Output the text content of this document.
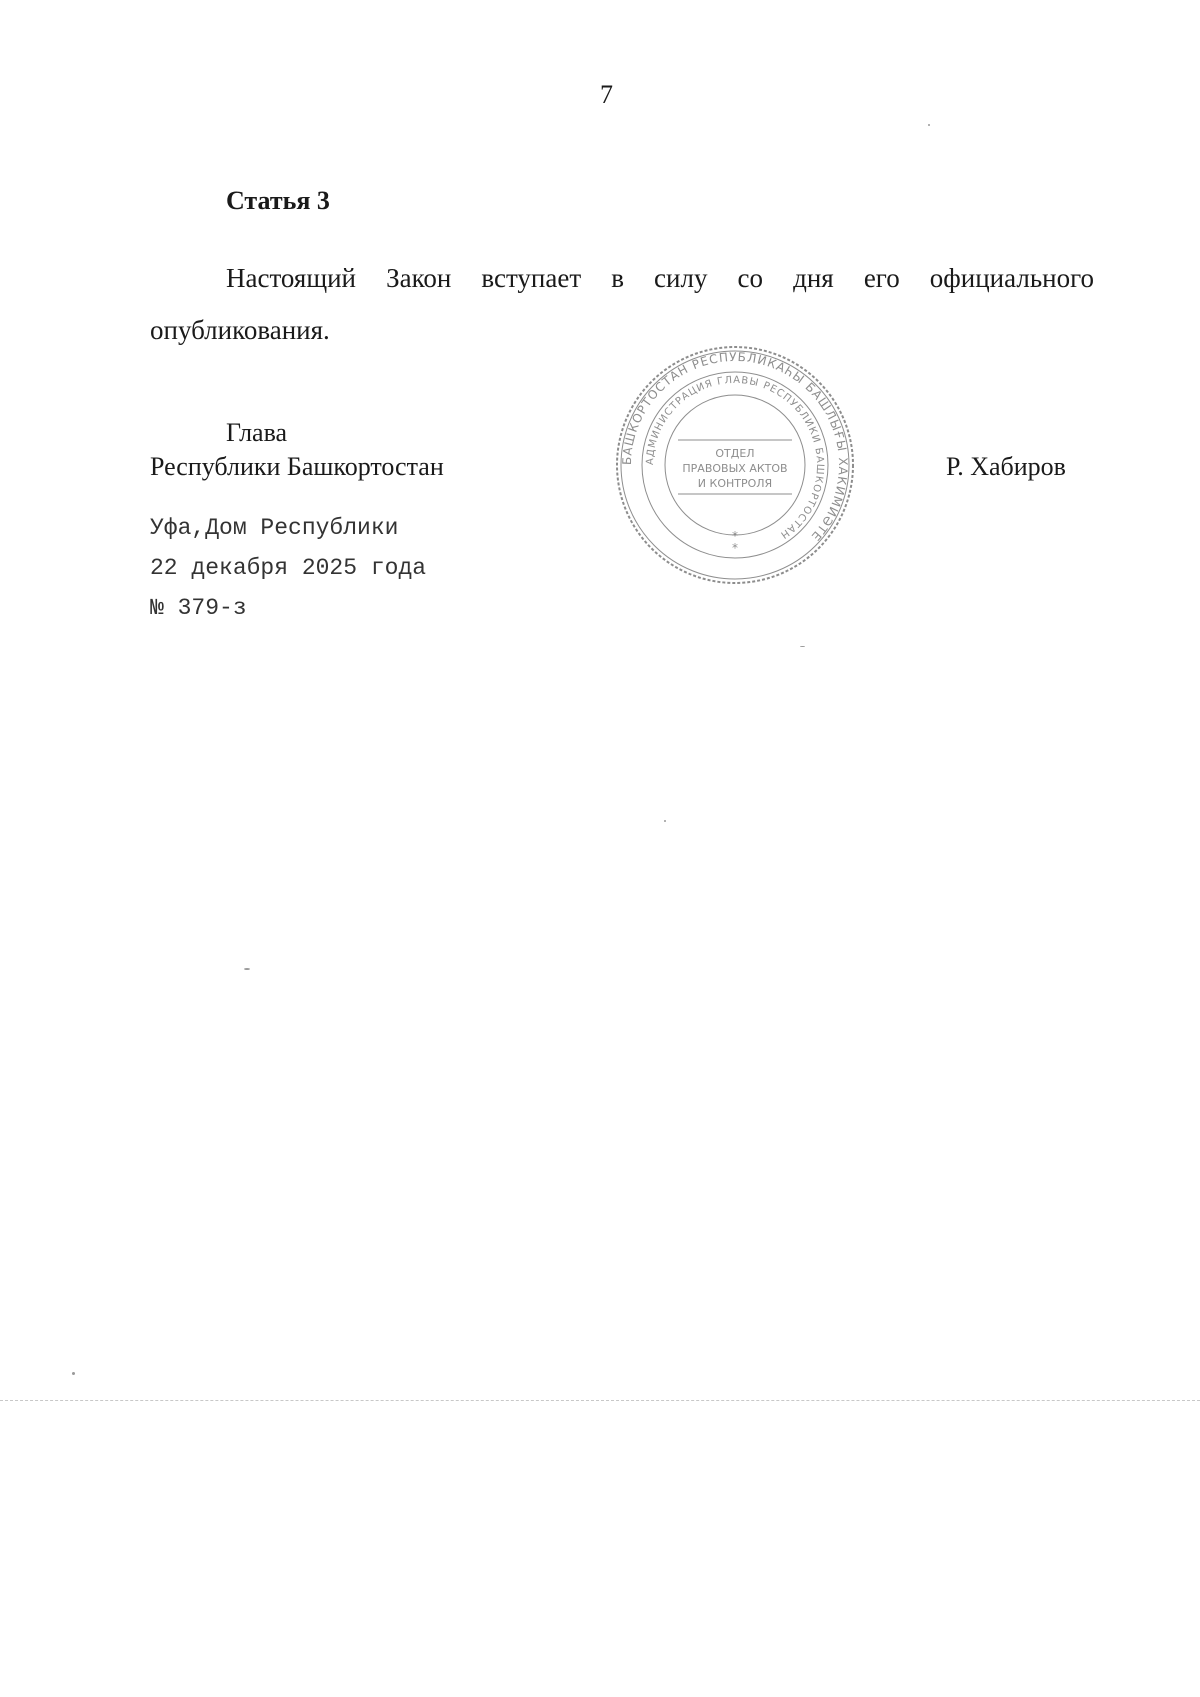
7
Статья 3

Настоящий Закон вступает в силу со дня его официального опубликования.

Глава
Республики Башкортостан	Р. Хабиров
Уфа,Дом Республики
22 декабря 2025 года
№ 379-з
БАШКОРТОСТАН РЕСПУБЛИКАҺЫ БАШЛЫҒЫ ХАКИМИӘТЕ
АДМИНИСТРАЦИЯ ГЛАВЫ РЕСПУБЛИКИ БАШКОРТОСТАН
ОТДЕЛ
ПРАВОВЫХ АКТОВ
И КОНТРОЛЯ
*
*
